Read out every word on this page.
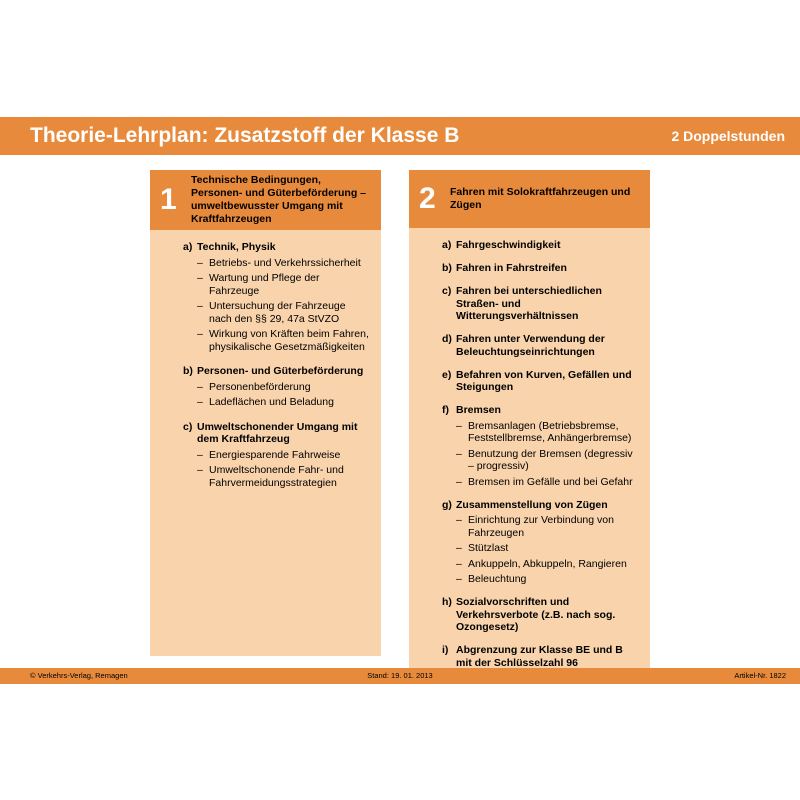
Theorie-Lehrplan: Zusatzstoff der Klasse B	2 Doppelstunden
1
Technische Bedingungen, Personen- und Güterbeförderung – umweltbewusster Umgang mit Kraftfahrzeugen
a) Technik, Physik
– Betriebs- und Verkehrssicherheit
– Wartung und Pflege der Fahrzeuge
– Untersuchung der Fahrzeuge nach den §§ 29, 47a StVZO
– Wirkung von Kräften beim Fahren, physikalische Gesetzmäßigkeiten
b) Personen- und Güterbeförderung
– Personenbeförderung
– Ladeflächen und Beladung
c) Umweltschonender Umgang mit dem Kraftfahrzeug
– Energiesparende Fahrweise
– Umweltschonende Fahr- und Fahrvermeidungsstrategien
2	Fahren mit Solokraftfahrzeugen und Zügen
a) Fahrgeschwindigkeit
b) Fahren in Fahrstreifen
c) Fahren bei unterschiedlichen Straßen- und Witterungsverhältnissen
d) Fahren unter Verwendung der Beleuchtungseinrichtungen
e) Befahren von Kurven, Gefällen und Steigungen
f) Bremsen
– Bremsanlagen (Betriebsbremse, Feststellbremse, Anhängerbremse)
– Benutzung der Bremsen (degressiv – progressiv)
– Bremsen im Gefälle und bei Gefahr
g) Zusammenstellung von Zügen
– Einrichtung zur Verbindung von Fahrzeugen
– Stützlast
– Ankuppeln, Abkuppeln, Rangieren
– Beleuchtung
h) Sozialvorschriften und Verkehrsverbote (z.B. nach sog. Ozongesetz)
i) Abgrenzung zur Klasse BE und B mit der Schlüsselzahl 96
© Verkehrs-Verlag, Remagen	Stand: 19. 01. 2013	Artikel-Nr. 1822
